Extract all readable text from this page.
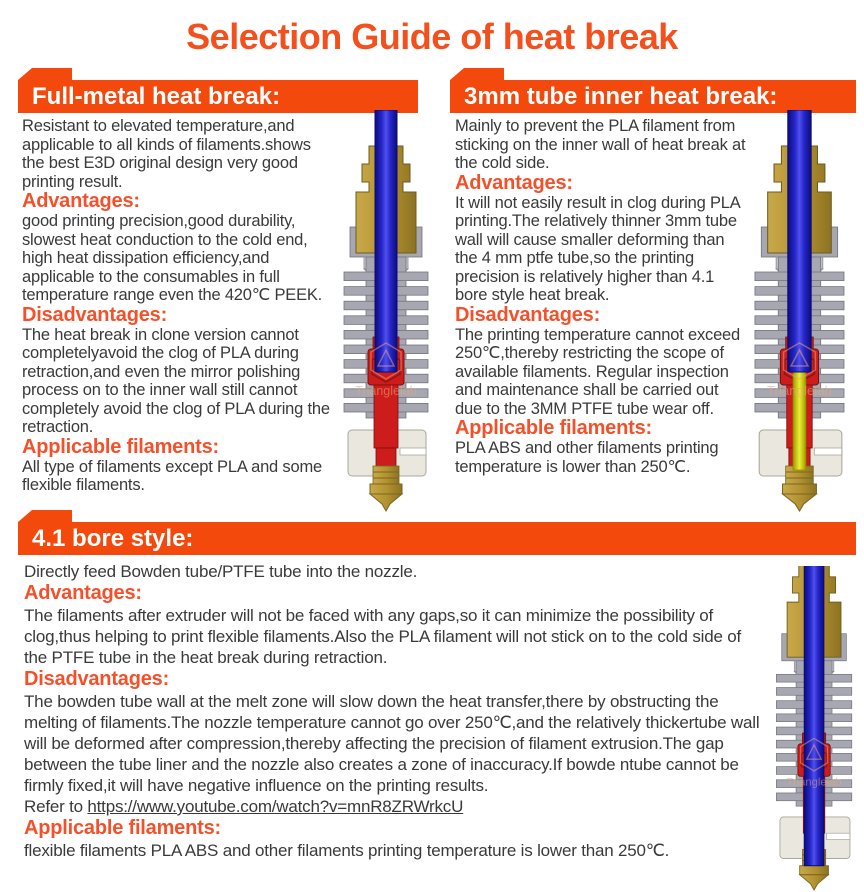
Selection Guide of heat break
Full-metal heat break:

Resistant to elevated temperature,and applicable to all kinds of filaments.shows the best E3D original design very good printing result.

Advantages:

good printing precision,good durability, slowest heat conduction to the cold end, high heat dissipation efficiency,and applicable to the consumables in full temperature range even the 420℃ PEEK.

Disadvantages:

The heat break in clone version cannot completelyavoid the clog of PLA during retraction,and even the mirror polishing process on to the inner wall still cannot completely avoid the clog of PLA during the retraction.

Applicable filaments:

All type of filaments except PLA and some flexible filaments.

Trianglelab
3mm tube inner heat break:

Mainly to prevent the PLA filament from sticking on the inner wall of heat break at the cold side.

Advantages:

It will not easily result in clog during PLA printing.The relatively thinner 3mm tube wall will cause smaller deforming than the 4 mm ptfe tube,so the printing precision is relatively higher than 4.1 bore style heat break.

Disadvantages:

The printing temperature cannot exceed 250℃,thereby restricting the scope of available filaments. Regular inspection and maintenance shall be carried out due to the 3MM PTFE tube wear off.

Applicable filaments:

PLA ABS and other filaments printing temperature is lower than 250℃.

Trianglelab
4.1 bore style:

Directly feed Bowden tube/PTFE tube into the nozzle.

Advantages:

The filaments after extruder will not be faced with any gaps,so it can minimize the possibility of clog,thus helping to print flexible filaments.Also the PLA filament will not stick on to the cold side of the PTFE tube in the heat break during retraction.

Disadvantages:

The bowden tube wall at the melt zone will slow down the heat transfer,there by obstructing the melting of filaments.The nozzle temperature cannot go over 250℃,and the relatively thickertube wall will be deformed after compression,thereby affecting the precision of filament extrusion.The gap between the tube liner and the nozzle also creates a zone of inaccuracy.If bowde ntube cannot be firmly fixed,it will have negative influence on the printing results.

Refer to https://www.youtube.com/watch?v=mnR8ZRWrkcU

Applicable filaments:

flexible filaments PLA ABS and other filaments printing temperature is lower than 250℃.

Trianglelab
